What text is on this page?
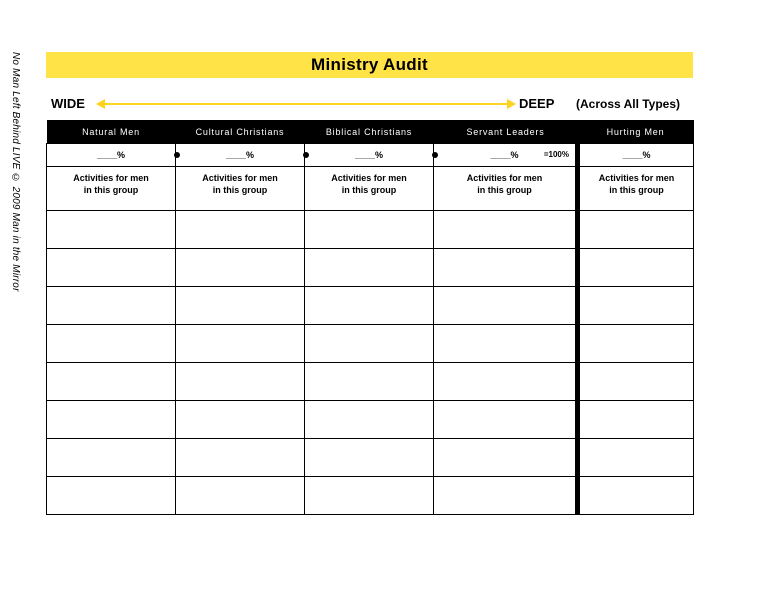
No Man Left Behind LIVE © 2009 Man in the Mirror	Ministry Audit
WIDE	DEEP (Across All Types)
Natural Men	Cultural Christians	Biblical Christians	Servant Leaders	Hurting Men
____%	____%	____%	____% =100%	____%
Activities for men
in this group	Activities for men
in this group	Activities for men
in this group	Activities for men
in this group	Activities for men
in this group
